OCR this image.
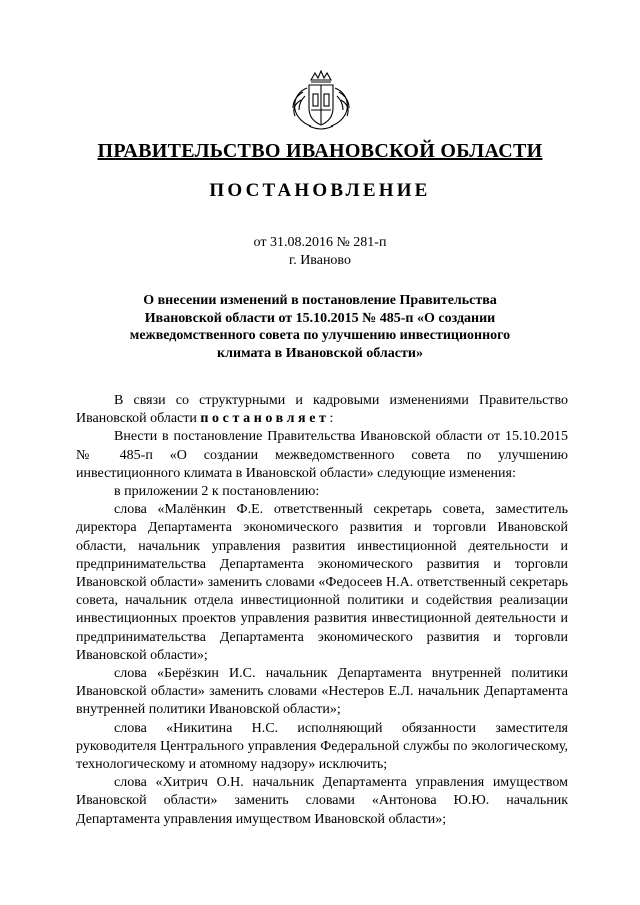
ПРАВИТЕЛЬСТВО ИВАНОВСКОЙ ОБЛАСТИ
ПОСТАНОВЛЕНИЕ
от 31.08.2016 № 281-п
г. Иваново
О внесении изменений в постановление Правительства
Ивановской области от 15.10.2015 № 485-п «О создании
межведомственного совета по улучшению инвестиционного
климата в Ивановской области»

В связи со структурными и кадровыми изменениями Правительство Ивановской области постановляет:

Внести в постановление Правительства Ивановской области от 15.10.2015 № 485-п «О создании межведомственного совета по улучшению инвестиционного климата в Ивановской области» следующие изменения:

в приложении 2 к постановлению:

слова «Малёнкин Ф.Е. ответственный секретарь совета, заместитель директора Департамента экономического развития и торговли Ивановской области, начальник управления развития инвестиционной деятельности и предпринимательства Департамента экономического развития и торговли Ивановской области» заменить словами «Федосеев Н.А. ответственный секретарь совета, начальник отдела инвестиционной политики и содействия реализации инвестиционных проектов управления развития инвестиционной деятельности и предпринимательства Департамента экономического развития и торговли Ивановской области»;

слова «Берёзкин И.С. начальник Департамента внутренней политики Ивановской области» заменить словами «Нестеров Е.Л. начальник Департамента внутренней политики Ивановской области»;

слова «Никитина Н.С. исполняющий обязанности заместителя руководителя Центрального управления Федеральной службы по экологическому, технологическому и атомному надзору» исключить;

слова «Хитрич О.Н. начальник Департамента управления имуществом Ивановской области» заменить словами «Антонова Ю.Ю. начальник Департамента управления имуществом Ивановской области»;
